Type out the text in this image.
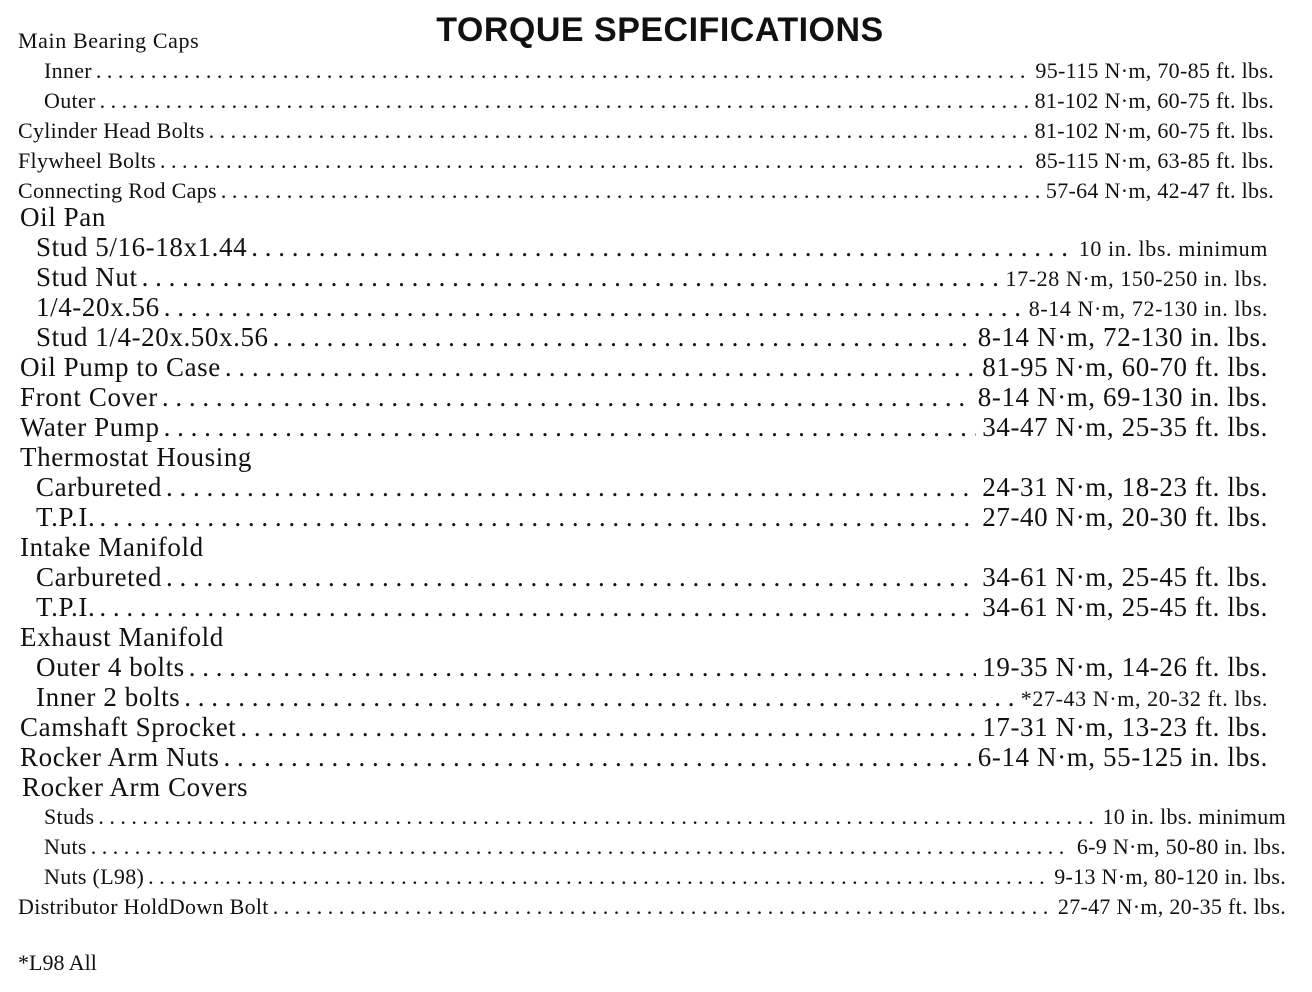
TORQUE SPECIFICATIONS
Main Bearing Caps
Inner . . .	95-115 N·m, 70-85 ft. lbs.
Outer . . .	81-102 N·m, 60-75 ft. lbs.
Cylinder Head Bolts . . .	81-102 N·m, 60-75 ft. lbs.
Flywheel Bolts . . .	85-115 N·m, 63-85 ft. lbs.
Connecting Rod Caps . . .	57-64 N·m, 42-47 ft. lbs.
Oil Pan
Stud 5/16-18x1.44 . . .	10 in. lbs. minimum
Stud Nut . . .	17-28 N·m, 150-250 in. lbs.
1/4-20x.56 . . .	8-14 N·m, 72-130 in. lbs.
Stud 1/4-20x.50x.56 . . .	8-14 N·m, 72-130 in. lbs.
Oil Pump to Case . . .	81-95 N·m, 60-70 ft. lbs.
Front Cover . . .	8-14 N·m, 69-130 in. lbs.
Water Pump . . .	34-47 N·m, 25-35 ft. lbs.
Thermostat Housing
Carbureted . . .	24-31 N·m, 18-23 ft. lbs.
T.P.I. . . .	27-40 N·m, 20-30 ft. lbs.
Intake Manifold
Carbureted . . .	34-61 N·m, 25-45 ft. lbs.
T.P.I. . . .	34-61 N·m, 25-45 ft. lbs.
Exhaust Manifold
Outer 4 bolts . . .	19-35 N·m, 14-26 ft. lbs.
Inner 2 bolts . . .	*27-43 N·m, 20-32 ft. lbs.
Camshaft Sprocket . . .	17-31 N·m, 13-23 ft. lbs.
Rocker Arm Nuts . . .	6-14 N·m, 55-125 in. lbs.
Rocker Arm Covers
Studs . . .	10 in. lbs. minimum
Nuts . . .	6-9 N·m, 50-80 in. lbs.
Nuts (L98) . . .	9-13 N·m, 80-120 in. lbs.
Distributor HoldDown Bolt . . .	27-47 N·m, 20-35 ft. lbs.
*L98 All
